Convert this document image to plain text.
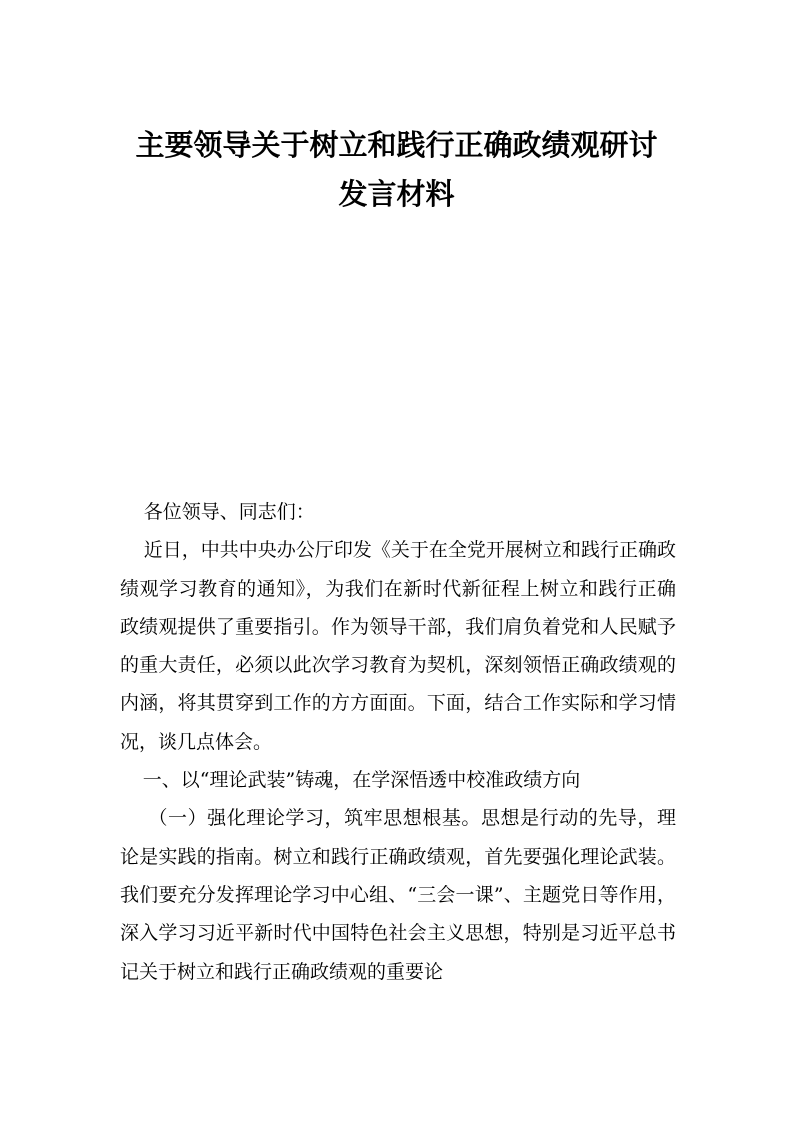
主要领导关于树立和践行正确政绩观研讨
发言材料

各位领导、同志们：

近日，中共中央办公厅印发《关于在全党开展树立和践行正确政绩观学习教育的通知》，为我们在新时代新征程上树立和践行正确政绩观提供了重要指引。作为领导干部，我们肩负着党和人民赋予的重大责任，必须以此次学习教育为契机，深刻领悟正确政绩观的内涵，将其贯穿到工作的方方面面。下面，结合工作实际和学习情况，谈几点体会。

一、以“理论武装”铸魂，在学深悟透中校准政绩方向

（一）强化理论学习，筑牢思想根基。思想是行动的先导，理论是实践的指南。树立和践行正确政绩观，首先要强化理论武装。我们要充分发挥理论学习中心组、“三会一课”、主题党日等作用，深入学习习近平新时代中国特色社会主义思想，特别是习近平总书记关于树立和践行正确政绩观的重要论
